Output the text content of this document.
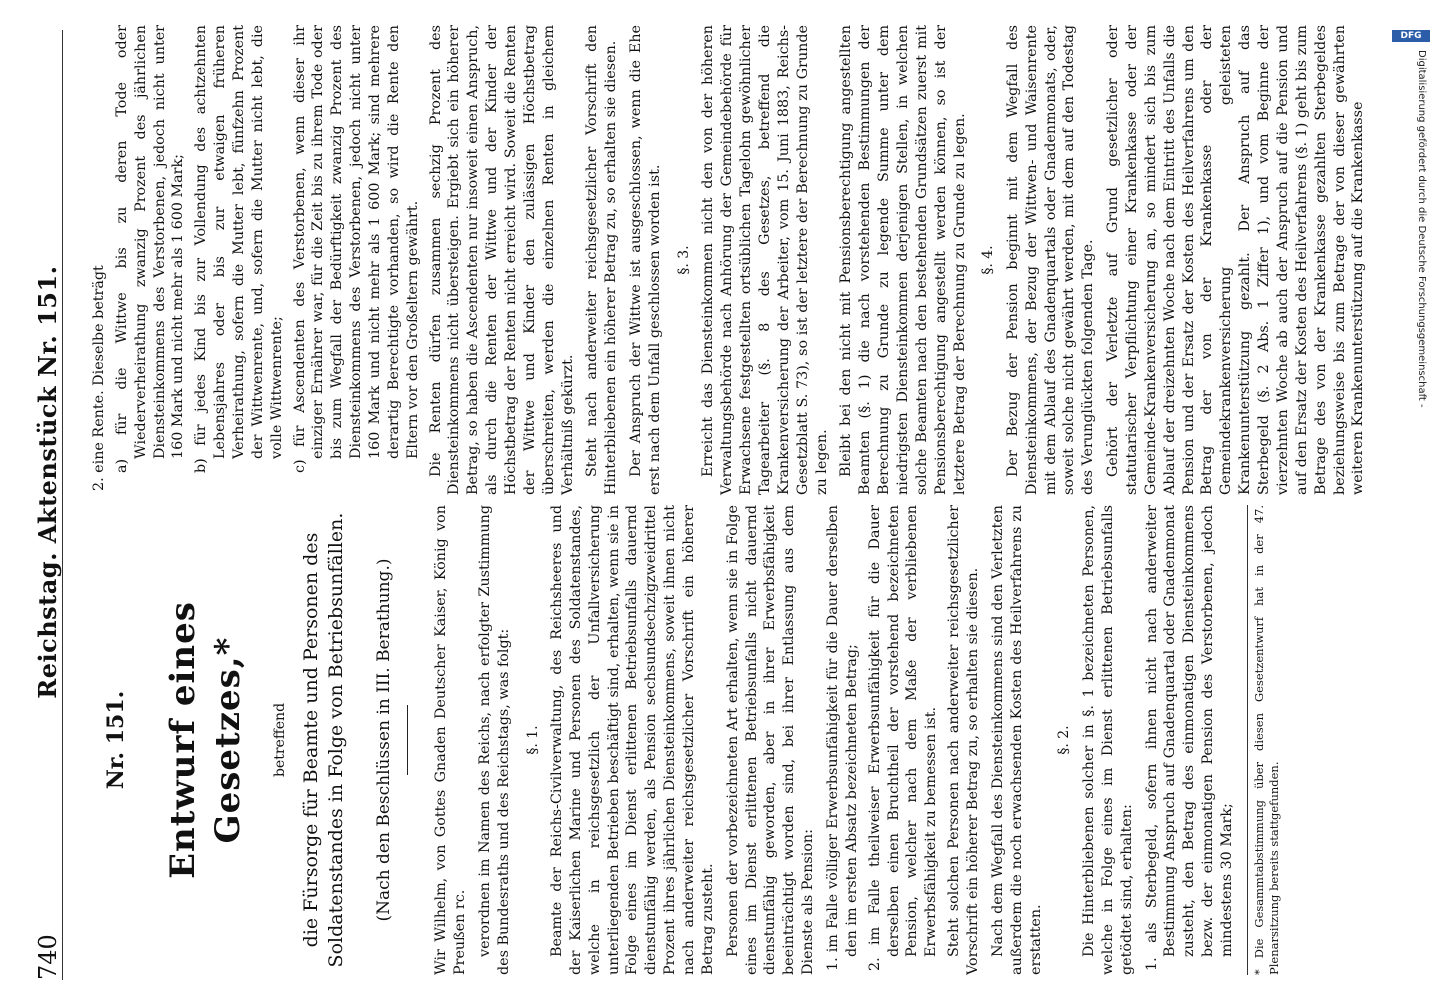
740
Reichstag. Aktenstück Nr. 151.
Nr. 151. Entwurf eines Gesetzes,* betreffend die Fürsorge für Beamte und Personen des Soldatenstandes in Folge von Betriebsunfällen. (Nach den Beschlüssen in III. Berathung.)	Wir Wilhelm, von Gottes Gnaden Deutscher Kaiser, König von Preußen rc. verordnen im Namen des Reichs, nach erfolgter Zustimmung des Bundesraths und des Reichstags, was folgt: §. 1. Beamte der Reichs-Civilverwaltung, des Reichsheeres und der Kaiserlichen Marine und Personen des Soldatenstandes, welche in reichsgesetzlich der Unfallversicherung unterliegenden Betrieben beschäftigt sind, erhalten, wenn sie in Folge eines im Dienst erlittenen Betriebsunfalls dauernd dienstunfähig werden, als Pension sechsundsechzigzweidrittel Prozent ihres jährlichen Diensteinkommens, soweit ihnen nicht nach anderweiter reichsgesetzlicher Vorschrift ein höherer Betrag zusteht. Personen der vorbezeichneten Art erhalten, wenn sie in Folge eines im Dienst erlittenen Betriebsunfalls nicht dauernd dienstunfähig geworden, aber in ihrer Erwerbsfähigkeit beeinträchtigt worden sind, bei ihrer Entlassung aus dem Dienste als Pension: 1. im Falle völliger Erwerbsunfähigkeit für die Dauer derselben den im ersten Absatz bezeichneten Betrag; 2. im Falle theilweiser Erwerbsunfähigkeit für die Dauer derselben einen Bruchtheil der vorstehend bezeichneten Pension, welcher nach dem Maße der verbliebenen Erwerbsfähigkeit zu bemessen ist. Steht solchen Personen nach anderweiter reichsgesetzlicher Vorschrift ein höherer Betrag zu, so erhalten sie diesen. Nach dem Wegfall des Diensteinkommens sind den Verletzten außerdem die noch erwachsenden Kosten des Heilverfahrens zu erstatten.

§. 2. Die Hinterbliebenen solcher in §. 1 bezeichneten Personen, welche in Folge eines im Dienst erlittenen Betriebsunfalls getödtet sind, erhalten: 1. als Sterbegeld, sofern ihnen nicht nach anderweiter Bestimmung Anspruch auf Gnadenquartal oder Gnadenmonat zusteht, den Betrag des einmonatigen Diensteinkommens bezw. der einmonatigen Pension des Verstorbenen, jedoch mindestens 30 Mark;	* Die Gesammtabstimmung über diesen Gesetzentwurf hat in der 47. Plenarsitzung bereits stattgefunden.

2. eine Rente. Dieselbe beträgt a) für die Wittwe bis zu deren Tode oder Wiederverheirathung zwanzig Prozent des jährlichen Diensteinkommens des Verstorbenen, jedoch nicht unter 160 Mark und nicht mehr als 1 600 Mark; b) für jedes Kind bis zur Vollendung des achtzehnten Lebensjahres oder bis zur etwaigen früheren Verheirathung, sofern die Mutter lebt, fünfzehn Prozent der Wittwenrente, und, sofern die Mutter nicht lebt, die volle Wittwenrente; c) für Ascendenten des Verstorbenen, wenn dieser ihr einziger Ernährer war, für die Zeit bis zu ihrem Tode oder bis zum Wegfall der Bedürftigkeit zwanzig Prozent des Diensteinkommens des Verstorbenen, jedoch nicht unter 160 Mark und nicht mehr als 1 600 Mark; sind mehrere derartig Berechtigte vorhanden, so wird die Rente den Eltern vor den Großeltern gewährt. Die Renten dürfen zusammen sechzig Prozent des Diensteinkommens nicht übersteigen. Ergiebt sich ein höherer Betrag, so haben die Ascendenten nur insoweit einen Anspruch, als durch die Renten der Wittwe und der Kinder der Höchstbetrag der Renten nicht erreicht wird. Soweit die Renten der Wittwe und Kinder den zulässigen Höchstbetrag überschreiten, werden die einzelnen Renten in gleichem Verhältniß gekürzt. Steht nach anderweiter reichsgesetzlicher Vorschrift den Hinterbliebenen ein höherer Betrag zu, so erhalten sie diesen. Der Anspruch der Wittwe ist ausgeschlossen, wenn die Ehe erst nach dem Unfall geschlossen worden ist. §. 3. Erreicht das Diensteinkommen nicht den von der höheren Verwaltungsbehörde nach Anhörung der Gemeindebehörde für Erwachsene festgestellten ortsüblichen Tagelohn gewöhnlicher Tagearbeiter (§. 8 des Gesetzes, betreffend die Krankenversicherung der Arbeiter, vom 15. Juni 1883, Reichs-Gesetzblatt S. 73), so ist der letztere der Berechnung zu Grunde zu legen. Bleibt bei den nicht mit Pensionsberechtigung angestellten Beamten (§. 1) die nach vorstehenden Bestimmungen der Berechnung zu Grunde zu legende Summe unter dem niedrigsten Diensteinkommen derjenigen Stellen, in welchen solche Beamten nach den bestehenden Grundsätzen zuerst mit Pensionsberechtigung angestellt werden können, so ist der letztere Betrag der Berechnung zu Grunde zu legen. §. 4. Der Bezug der Pension beginnt mit dem Wegfall des Diensteinkommens, der Bezug der Wittwen- und Waisenrente mit dem Ablauf des Gnadenquartals oder Gnadenmonats, oder, soweit solche nicht gewährt werden, mit dem auf den Todestag des Verunglückten folgenden Tage. Gehört der Verletzte auf Grund gesetzlicher oder statutarischer Verpflichtung einer Krankenkasse oder der Gemeinde-Krankenversicherung an, so mindert sich bis zum Ablauf der dreizehnten Woche nach dem Eintritt des Unfalls die Pension und der Ersatz der Kosten des Heilverfahrens um den Betrag der von der Krankenkasse oder der Gemeindekrankenversicherung geleisteten Krankenunterstützung gezahlt. Der Anspruch auf das Sterbegeld (§. 2 Abs. 1 Ziffer 1), und vom Beginne der vierzehnten Woche ab auch der Anspruch auf die Pension und auf den Ersatz der Kosten des Heilverfahrens (§. 1) geht bis zum Betrage des von der Krankenkasse gezahlten Sterbegeldes beziehungsweise bis zum Betrage der von dieser gewährten weiteren Krankenunterstützung auf die Krankenkasse

DFG
Digitalisierung gefördert durch die Deutsche Forschungsgemeinschaft -
